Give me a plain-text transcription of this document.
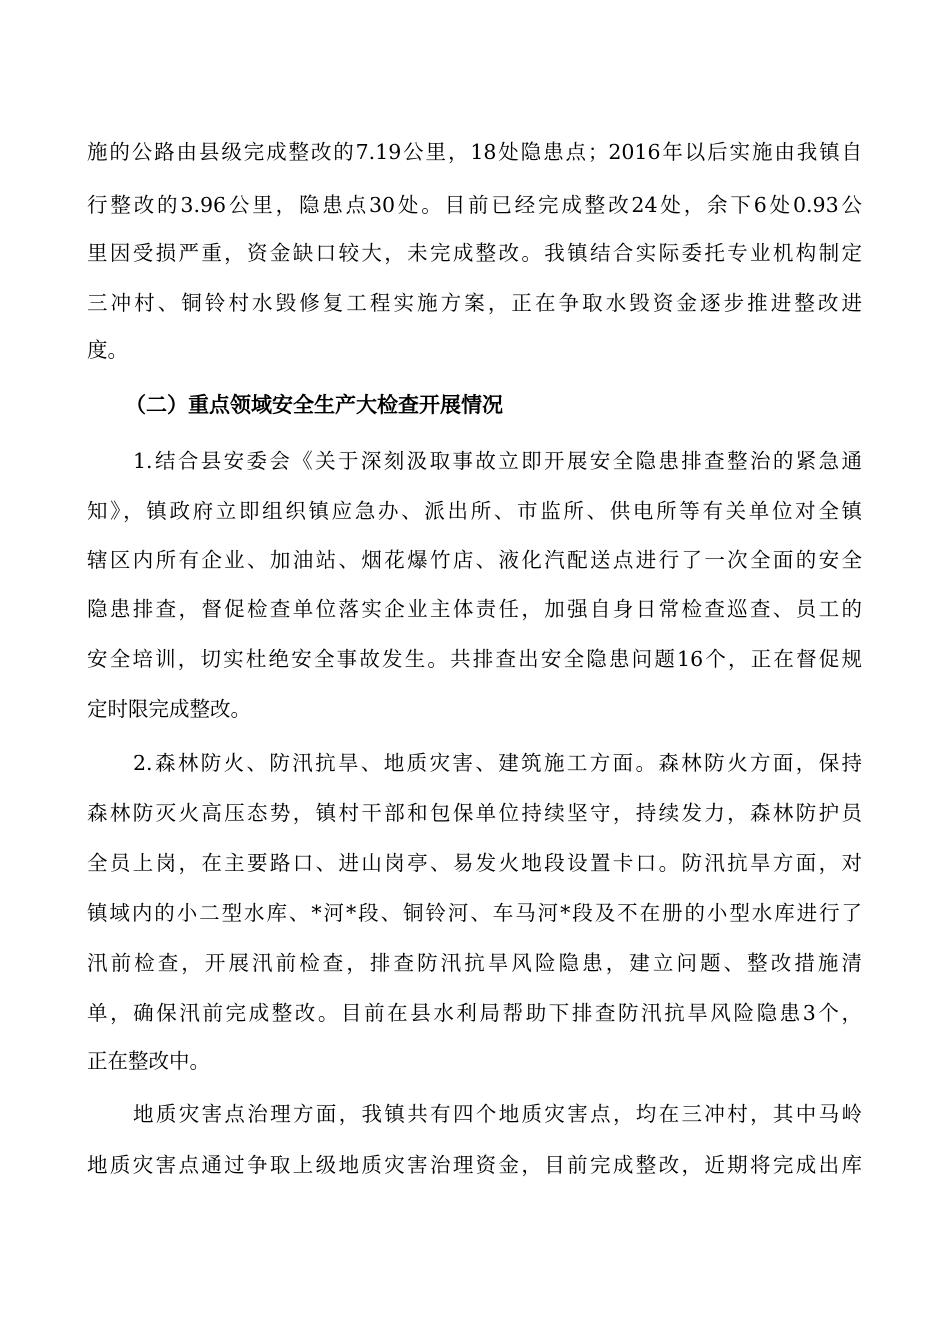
施的公路由县级完成整改的7.19公里，18处隐患点；2016年以后实施由我镇自
行整改的3.96公里，隐患点30处。目前已经完成整改24处，余下6处0.93公
里因受损严重，资金缺口较大，未完成整改。我镇结合实际委托专业机构制定
三冲村、铜铃村水毁修复工程实施方案，正在争取水毁资金逐步推进整改进
度。
（二）重点领域安全生产大检查开展情况
1.结合县安委会《关于深刻汲取事故立即开展安全隐患排查整治的紧急通
知》，镇政府立即组织镇应急办、派出所、市监所、供电所等有关单位对全镇
辖区内所有企业、加油站、烟花爆竹店、液化汽配送点进行了一次全面的安全
隐患排查，督促检查单位落实企业主体责任，加强自身日常检查巡查、员工的
安全培训，切实杜绝安全事故发生。共排查出安全隐患问题16个，正在督促规
定时限完成整改。
2.森林防火、防汛抗旱、地质灾害、建筑施工方面。森林防火方面，保持
森林防灭火高压态势，镇村干部和包保单位持续坚守，持续发力，森林防护员
全员上岗，在主要路口、进山岗亭、易发火地段设置卡口。防汛抗旱方面，对
镇域内的小二型水库、*河*段、铜铃河、车马河*段及不在册的小型水库进行了
汛前检查，开展汛前检查，排查防汛抗旱风险隐患，建立问题、整改措施清
单，确保汛前完成整改。目前在县水利局帮助下排查防汛抗旱风险隐患3个，
正在整改中。
地质灾害点治理方面，我镇共有四个地质灾害点，均在三冲村，其中马岭
地质灾害点通过争取上级地质灾害治理资金，目前完成整改，近期将完成出库
